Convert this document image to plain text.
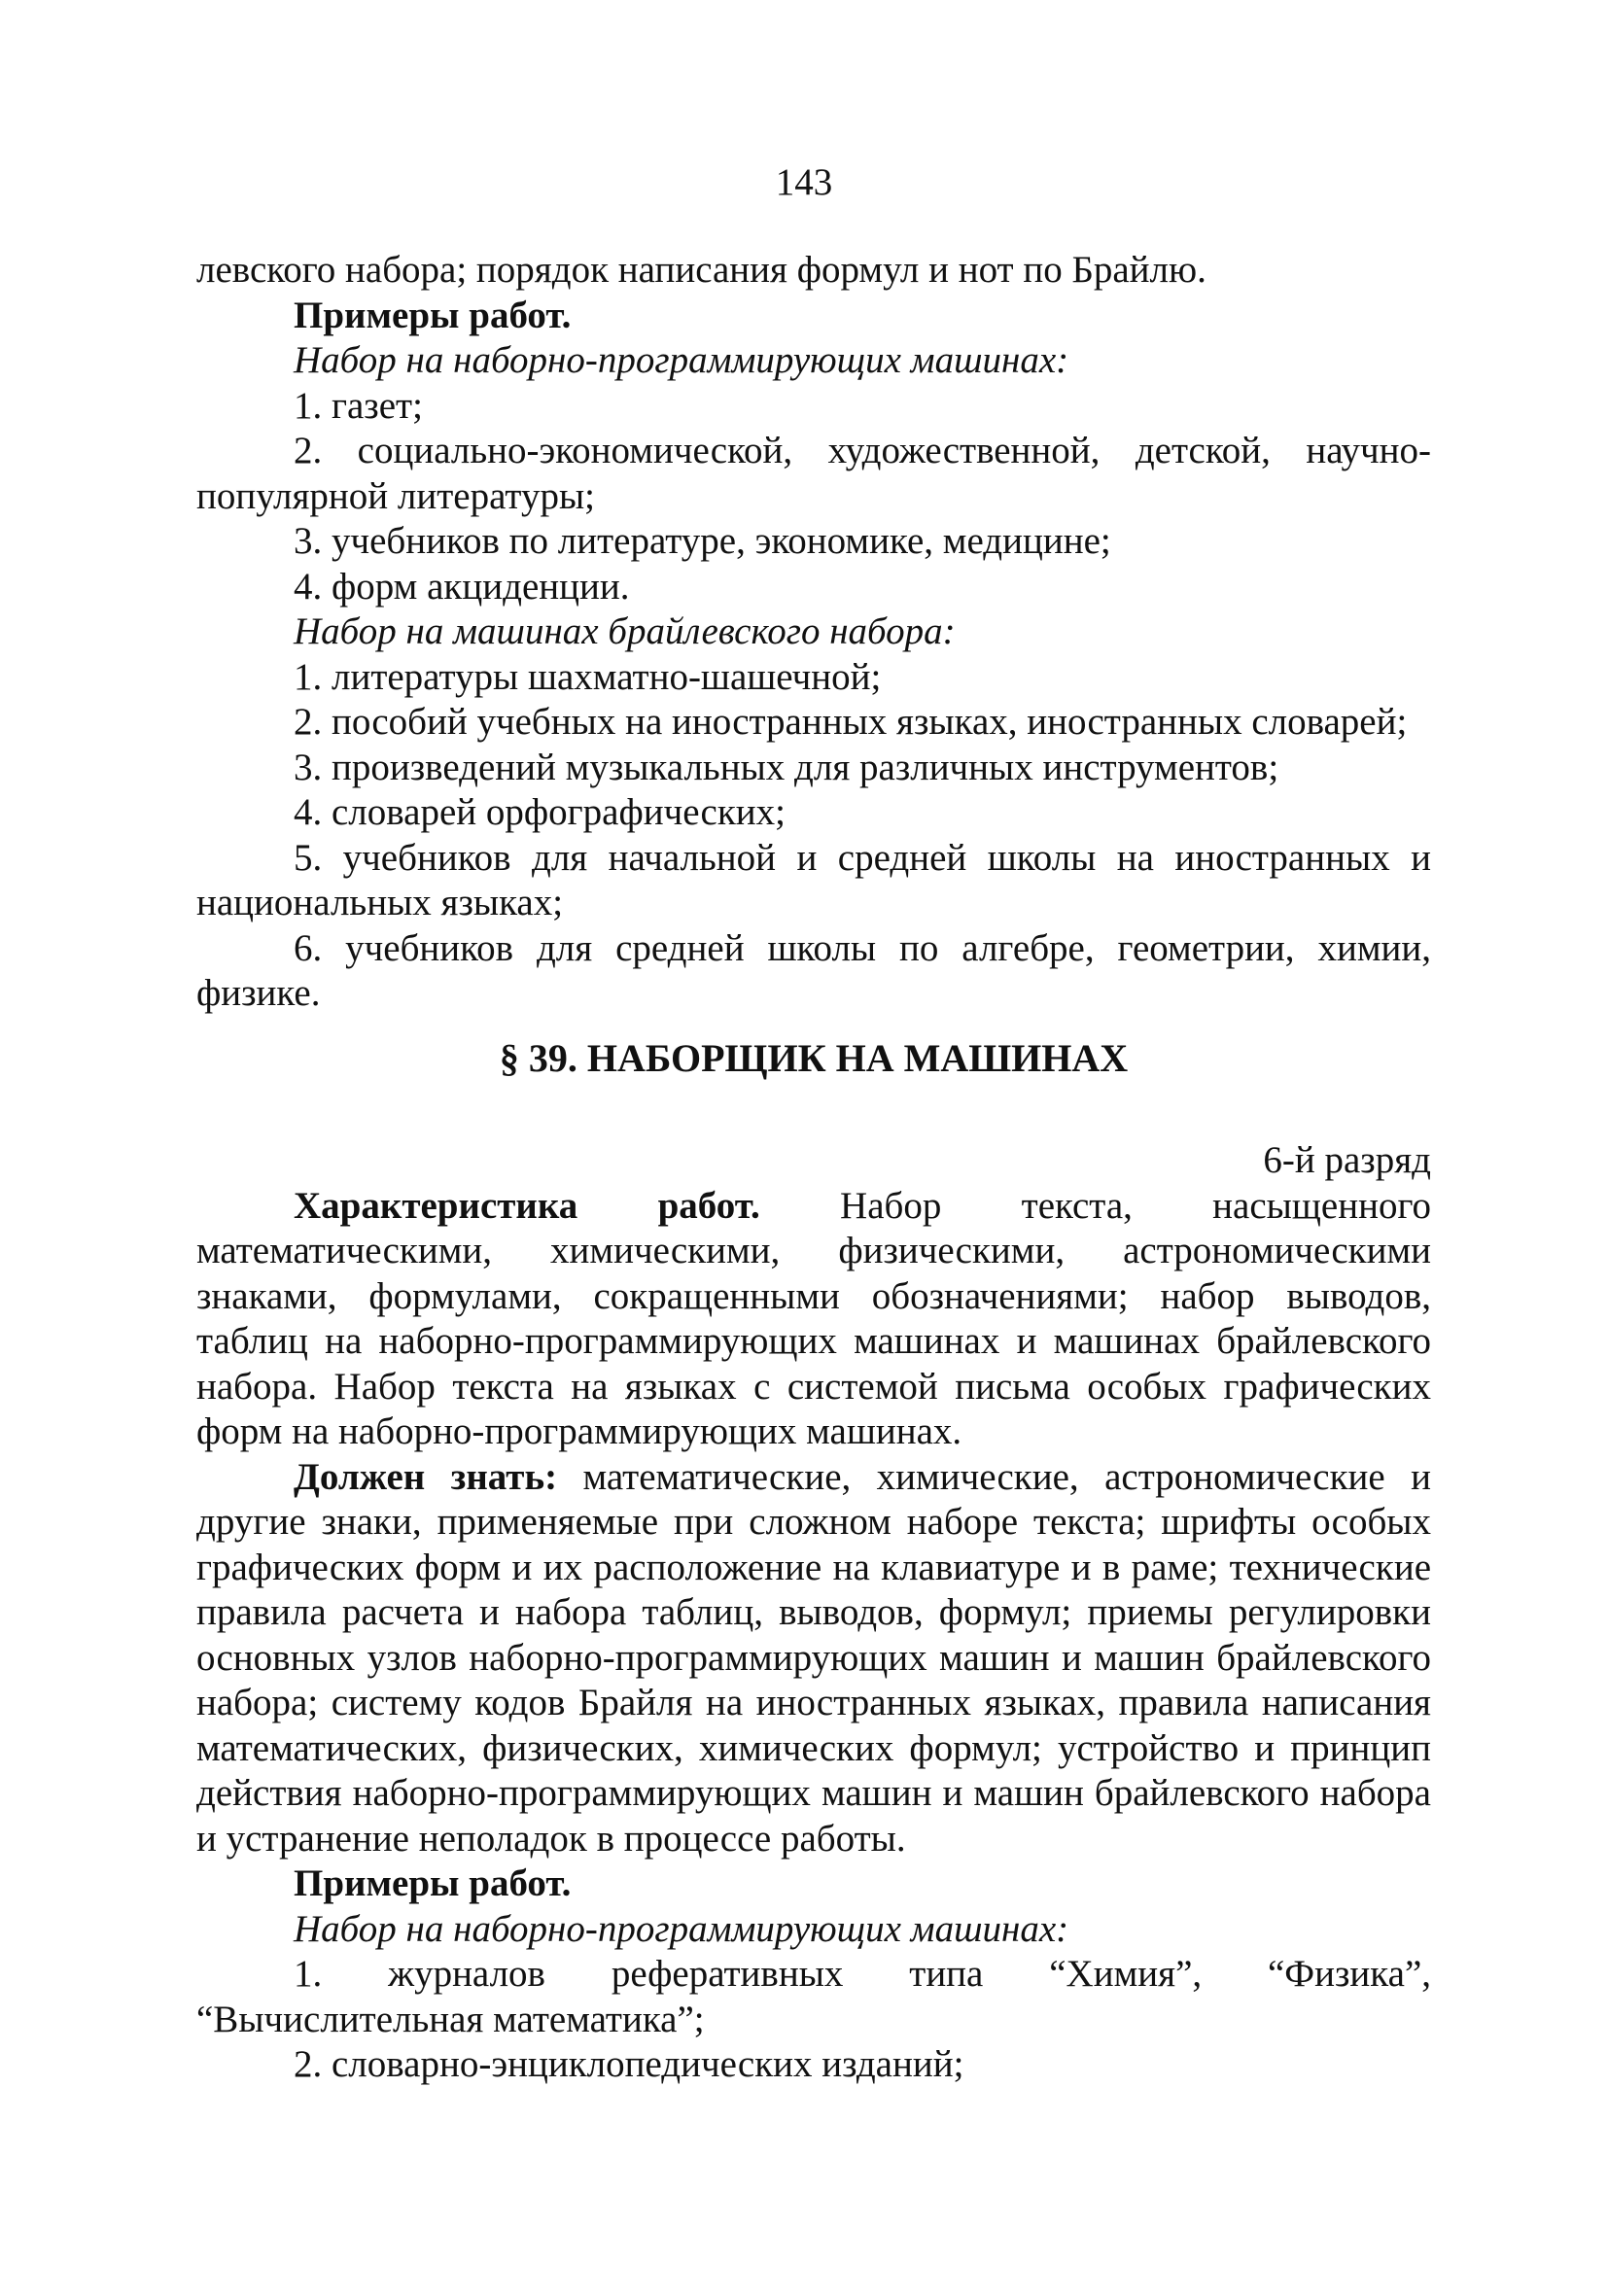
143

левского набора; порядок написания формул и нот по Брайлю.

Примеры работ.

Набор на наборно-программирующих машинах:

1. газет;

2. социально-экономической, художественной, детской, научно-популярной литературы;

3. учебников по литературе, экономике, медицине;

4. форм акциденции.

Набор на машинах брайлевского набора:

1. литературы шахматно-шашечной;

2. пособий учебных на иностранных языках, иностранных словарей;

3. произведений музыкальных для различных инструментов;

4. словарей орфографических;

5. учебников для начальной и средней школы на иностранных и национальных языках;

6. учебников для средней школы по алгебре, геометрии, химии, физике.

§ 39. НАБОРЩИК НА МАШИНАХ

6-й разряд

Характеристика работ. Набор текста, насыщенного математическими, химическими, физическими, астрономическими знаками, формулами, сокращенными обозначениями; набор выводов, таблиц на наборно-программирующих машинах и машинах брайлевского набора. Набор текста на языках с системой письма особых графических форм на наборно-программирующих машинах.

Должен знать: математические, химические, астрономические и другие знаки, применяемые при сложном наборе текста; шрифты особых графических форм и их расположение на клавиатуре и в раме; технические правила расчета и набора таблиц, выводов, формул; приемы регулировки основных узлов наборно-программирующих машин и машин брайлевского набора; систему кодов Брайля на иностранных языках, правила написания математических, физических, химических формул; устройство и принцип действия наборно-программирующих машин и машин брайлевского набора и устранение неполадок в процессе работы.

Примеры работ.

Набор на наборно-программирующих машинах:

1. журналов реферативных типа “Химия”, “Физика”, “Вычислительная математика”;

2. словарно-энциклопедических изданий;
